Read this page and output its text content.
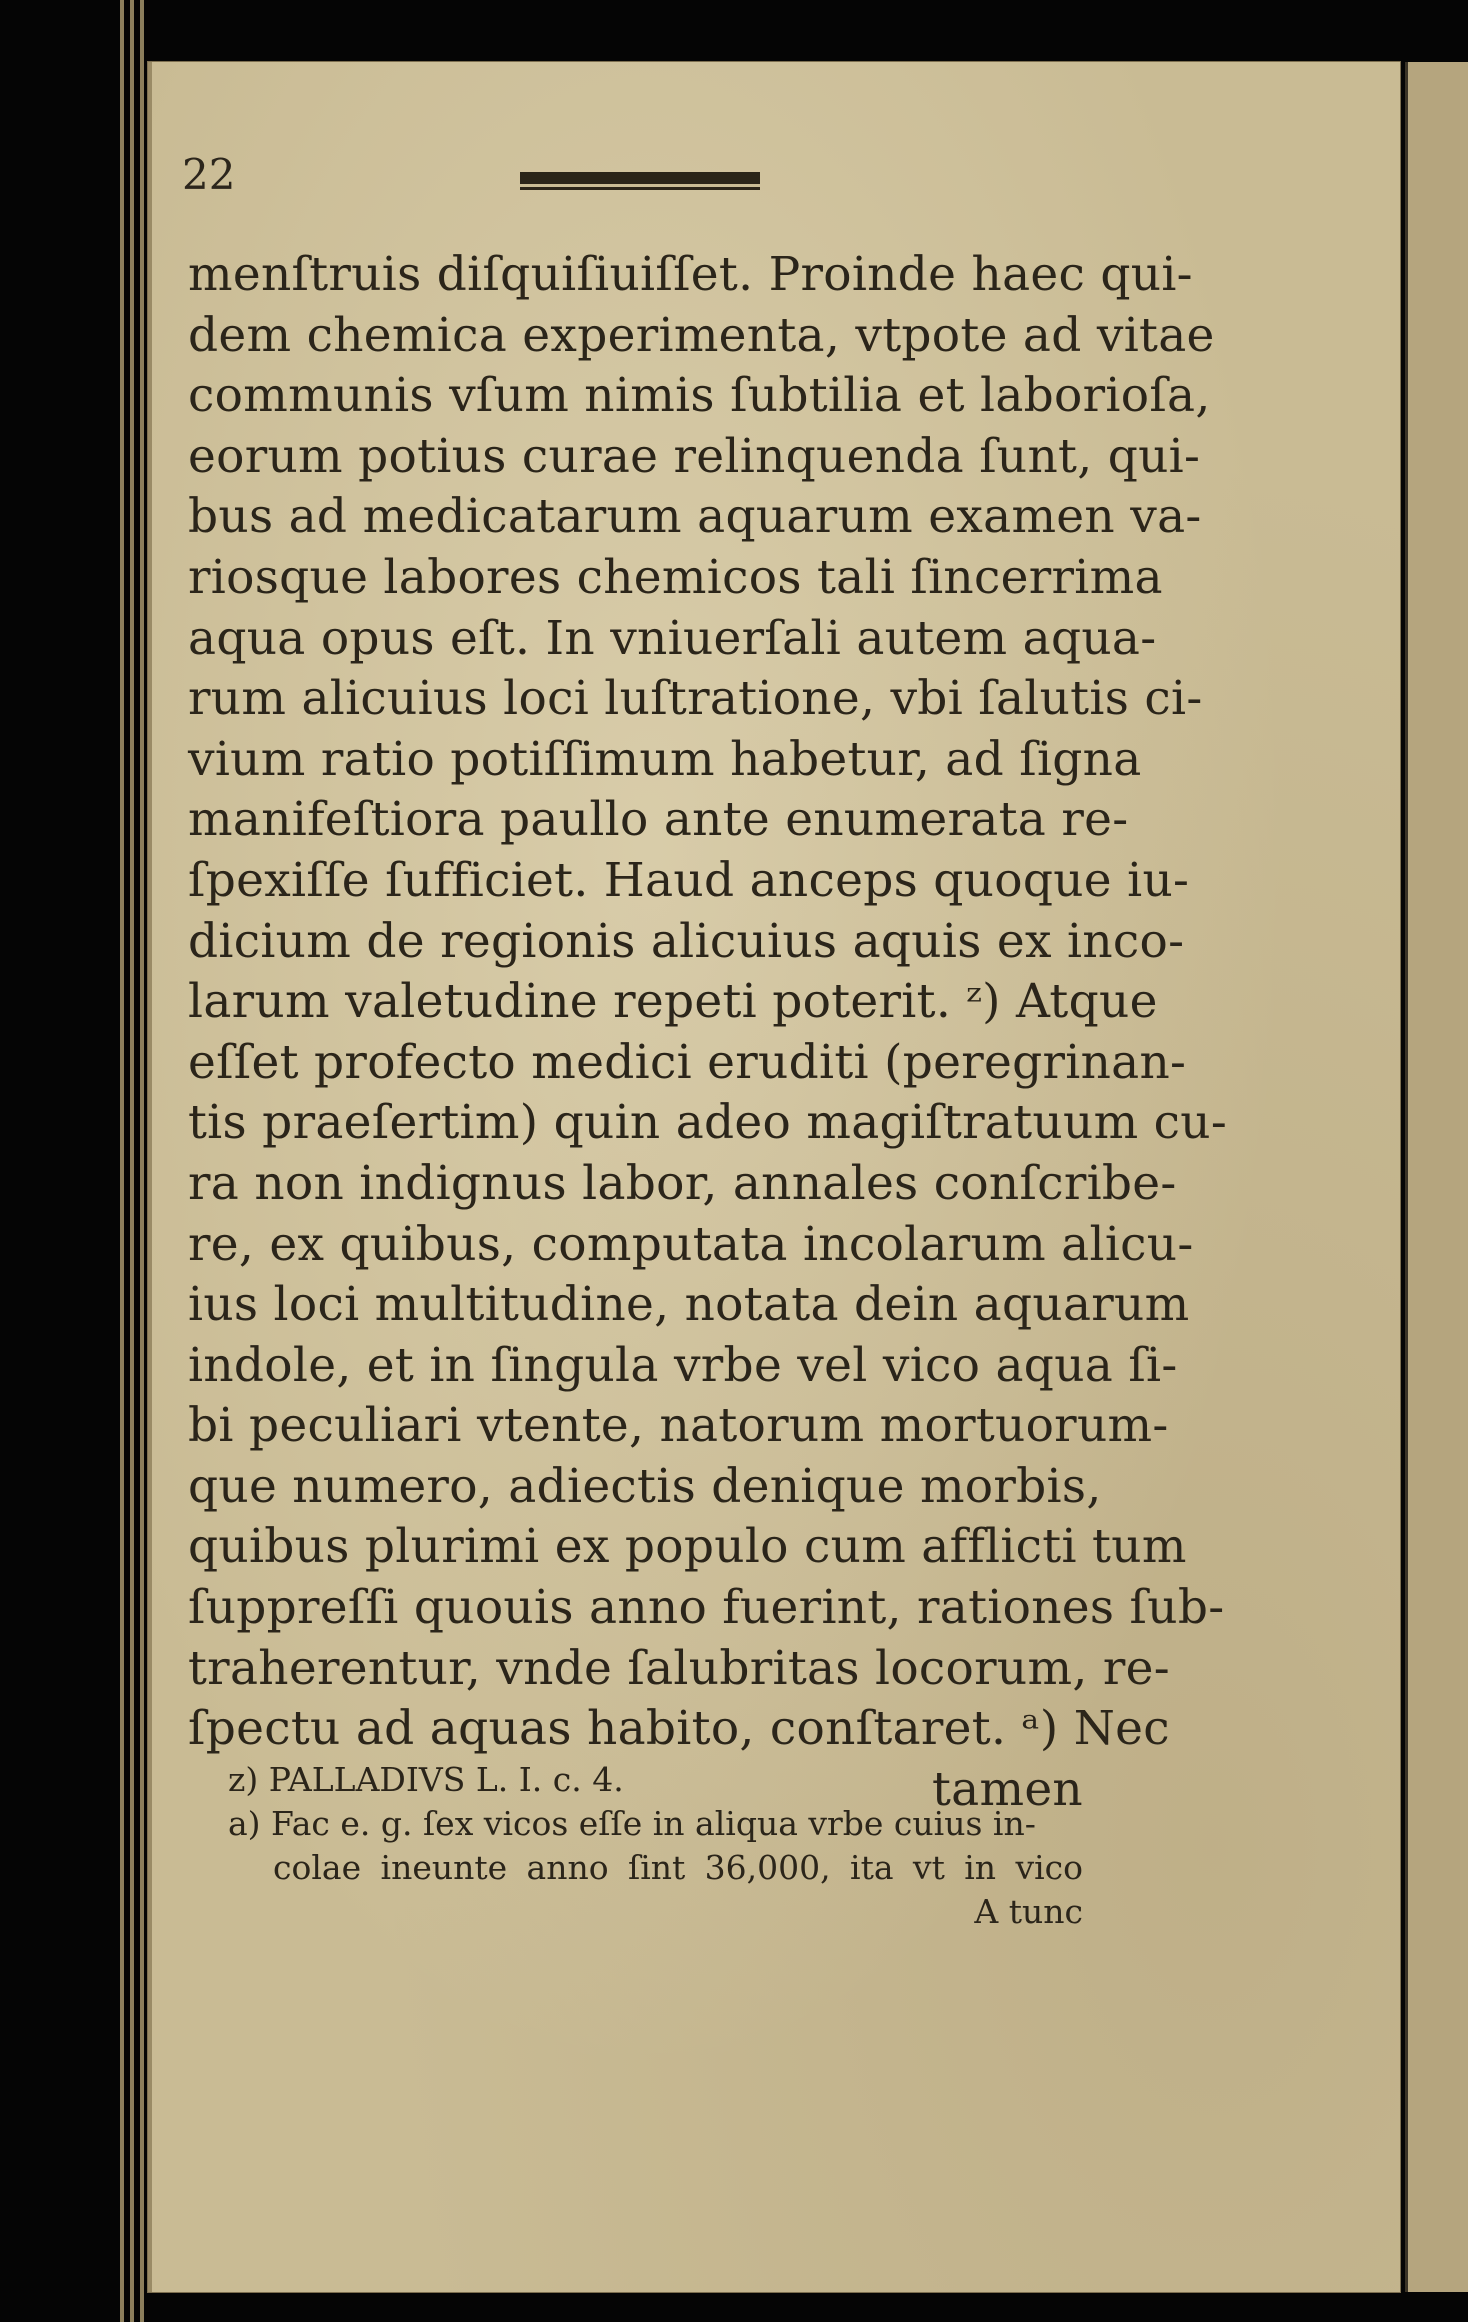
22
menſtruis diſquiſiuiſſet. Proinde haec qui-
dem chemica experimenta, vtpote ad vitae
communis vſum nimis ſubtilia et laborioſa,
eorum potius curae relinquenda ſunt, qui-
bus ad medicatarum aquarum examen va-
riosque labores chemicos tali ſincerrima
aqua opus eſt. In vniuerſali autem aqua-
rum alicuius loci luſtratione, vbi ſalutis ci-
vium ratio potiſſimum habetur, ad ſigna
manifeſtiora paullo ante enumerata re-
ſpexiſſe ſufficiet. Haud anceps quoque iu-
dicium de regionis alicuius aquis ex inco-
larum valetudine repeti poterit. ᶻ) Atque
eſſet profecto medici eruditi (peregrinan-
tis praeſertim) quin adeo magiſtratuum cu-
ra non indignus labor, annales conſcribe-
re, ex quibus, computata incolarum alicu-
ius loci multitudine, notata dein aquarum
indole, et in ſingula vrbe vel vico aqua ſi-
bi peculiari vtente, natorum mortuorum-
que numero, adiectis denique morbis,
quibus plurimi ex populo cum afflicti tum
ſuppreſſi quouis anno fuerint, rationes ſub-
traherentur, vnde ſalubritas locorum, re-
ſpectu ad aquas habito, conſtaret. ᵃ) Nec
tamen
z) PALLADIVS L. I. c. 4.
a) Fac e. g. ſex vicos eſſe in aliqua vrbe cuius in-
colae ineunte anno ſint 36,000, ita vt in vico
A tunc
